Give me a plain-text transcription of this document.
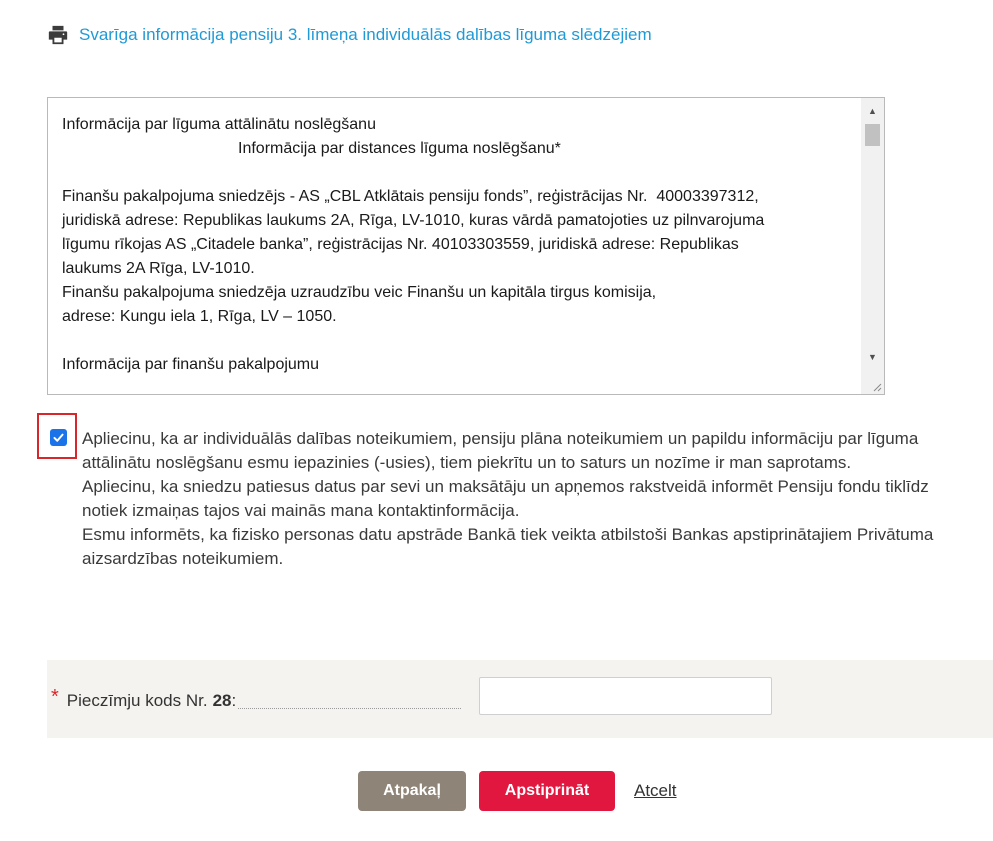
Svarīga informācija pensiju 3. līmeņa individuālās dalības līguma slēdzējiem

Informācija par līguma attālinātu noslēgšanu

Informācija par distances līguma noslēgšanu*

Finanšu pakalpojuma sniedzējs - AS „CBL Atklātais pensiju fonds”, reģistrācijas Nr.  40003397312,

juridiskā adrese: Republikas laukums 2A, Rīga, LV-1010, kuras vārdā pamatojoties uz pilnvarojuma

līgumu rīkojas AS „Citadele banka”, reģistrācijas Nr. 40103303559, juridiskā adrese: Republikas

laukums 2A Rīga, LV-1010.

Finanšu pakalpojuma sniedzēja uzraudzību veic Finanšu un kapitāla tirgus komisija,

adrese: Kungu iela 1, Rīga, LV – 1050.

Informācija par finanšu pakalpojumu

▲
▼

Apliecinu, ka ar individuālās dalības noteikumiem, pensiju plāna noteikumiem un papildu informāciju par līguma attālinātu noslēgšanu esmu iepazinies (-usies), tiem piekrītu un to saturs un nozīme ir man saprotams.

Apliecinu, ka sniedzu patiesus datus par sevi un maksātāju un apņemos rakstveidā informēt Pensiju fondu tiklīdz notiek izmaiņas tajos vai mainās mana kontaktinformācija.

Esmu informēts, ka fizisko personas datu apstrāde Bankā tiek veikta atbilstoši Bankas apstiprinātajiem Privātuma aizsardzības noteikumiem.

* Pieczīmju kods Nr. 28 :
Atpakaļ	Apstiprināt	Atcelt
